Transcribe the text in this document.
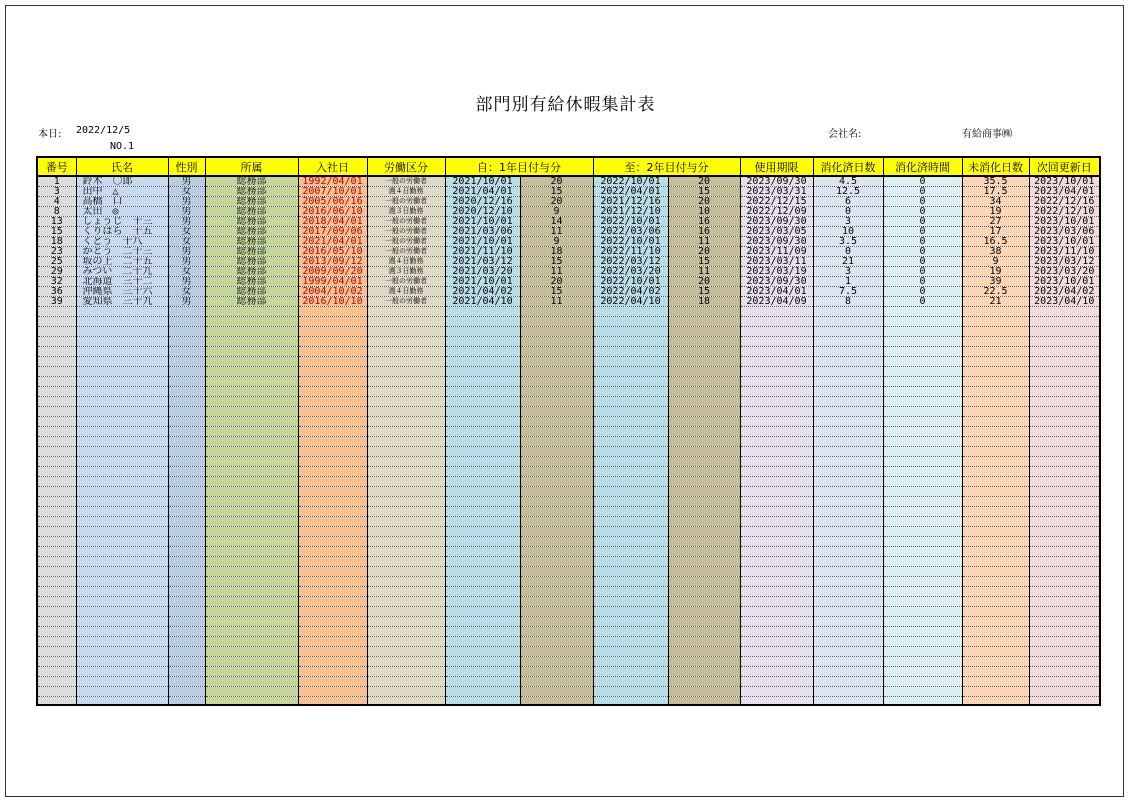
部門別有給休暇集計表
本日: 2022/12/5
NO.1
会社名:	有給商事㈱
番号	氏名	性別	所属	入社日	労働区分	自：1年目付与分		至：2年目付与分		使用期限	消化済日数	消化済時間	未消化日数	次回更新日
1	鈴木　〇郎	男	総務部	1992/04/01	一般の労働者	2021/10/01	20	2022/10/01	20	2023/09/30	4.5	0	35.5	2023/10/01
3	田中　△	女	総務部	2007/10/01	週４日勤務	2021/04/01	15	2022/04/01	15	2023/03/31	12.5	0	17.5	2023/04/01
4	高橋　口	男	総務部	2005/06/16	一般の労働者	2020/12/16	20	2021/12/16	20	2022/12/15	6	0	34	2022/12/16
8	太田　◎	男	総務部	2016/06/10	週３日勤務	2020/12/10	9	2021/12/10	10	2022/12/09	0	0	19	2022/12/10
13	しょうじ　十三	男	総務部	2018/04/01	一般の労働者	2021/10/01	14	2022/10/01	16	2023/09/30	3	0	27	2023/10/01
15	くりはら　十五	女	総務部	2017/09/06	一般の労働者	2021/03/06	11	2022/03/06	16	2023/03/05	10	0	17	2023/03/06
18	くどう　十八	女	総務部	2021/04/01	一般の労働者	2021/10/01	9	2022/10/01	11	2023/09/30	3.5	0	16.5	2023/10/01
23	かとう　二十三	男	総務部	2016/05/10	一般の労働者	2021/11/10	18	2022/11/10	20	2023/11/09	0	0	38	2023/11/10
25	坂の上　二十五	男	総務部	2013/09/12	週４日勤務	2021/03/12	15	2022/03/12	15	2023/03/11	21	0	9	2023/03/12
29	みつい　二十九	女	総務部	2009/09/20	週３日勤務	2021/03/20	11	2022/03/20	11	2023/03/19	3	0	19	2023/03/20
32	北海道　三十二	男	総務部	1999/04/01	一般の労働者	2021/10/01	20	2022/10/01	20	2023/09/30	1	0	39	2023/10/01
36	沖縄県　三十六	女	総務部	2004/10/02	週４日勤務	2021/04/02	15	2022/04/02	15	2023/04/01	7.5	0	22.5	2023/04/02
39	愛知県　三十九	男	総務部	2016/10/10	一般の労働者	2021/04/10	11	2022/04/10	18	2023/04/09	8	0	21	2023/04/10
